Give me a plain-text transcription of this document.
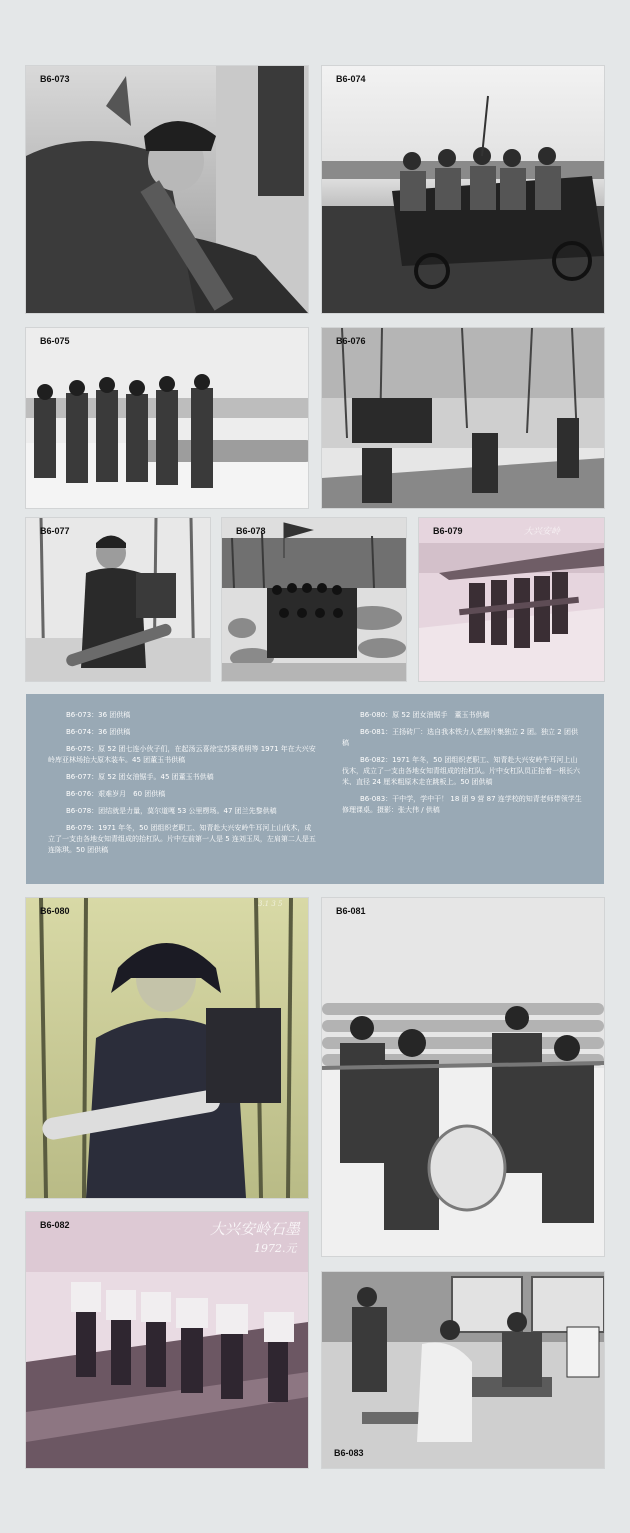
B6-073	B6-074
B6-075	B6-076
B6-077	B6-078	大兴安岭
B6-079

B6-073：36 团供稿

B6-074：36 团供稿

B6-075：原 52 团七连小伙子们，在起汤云喜徐宝苏葵希明等 1971 年在大兴安岭库亚林场抬大原木装车。45 团董玉书供稿

B6-077：原 52 团女油锯手。45 团董玉书供稿

B6-076：艰难岁月　60 团供稿

B6-078：团结就是力量，莫尔道嘎 53 公里楞场。47 团兰先黎供稿

B6-079：1971 年冬，50 团组织老职工、知青赴大兴安岭牛耳河上山伐木，成立了一支由各地女知青组成的抬杠队。片中左前第一人是 5 连刘玉凤，左肩第二人是五连陈琪。50 团供稿

B6-080：原 52 团女油锯手　董玉书供稿

B6-081：王扬砖厂：选自我本铁力人老照片集独立 2 团。独立 2 团供稿

B6-082：1971 年冬，50 团组织老职工、知青赴大兴安岭牛耳河上山伐木，成立了一支由各地女知青组成的抬杠队。片中女杠队员正抬着一根长六米、直径 24 厘米粗原木走在跳板上。50 团供稿

B6-083：干中学，学中干！ 18 团 9 营 87 连学校的知青老师带领学生修理课桌。摄影：张大伟 / 供稿

3.1 3 5
B6-080	B6-081
大兴安岭石墨
1972.元
B6-082
B6-083
